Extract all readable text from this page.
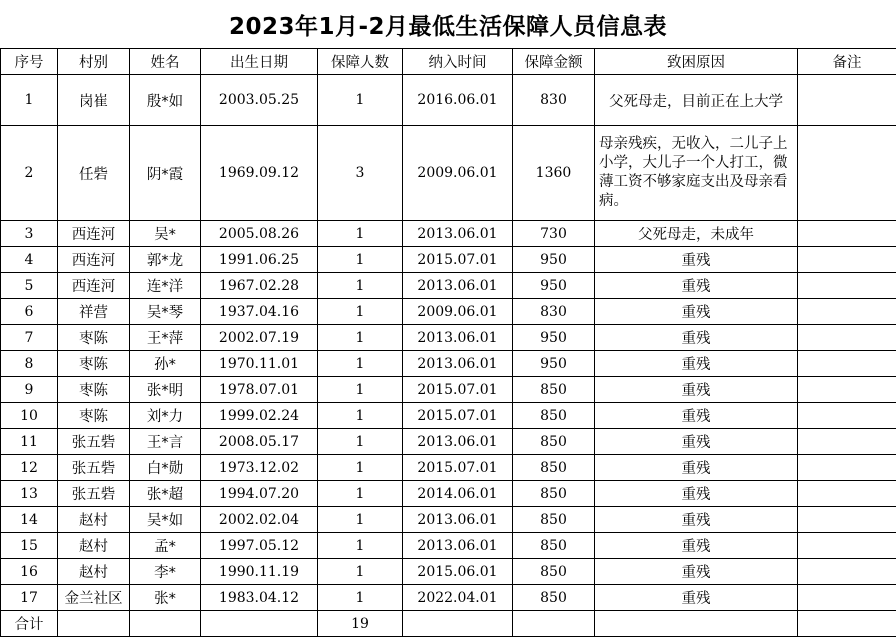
2023年1月-2月最低生活保障人员信息表
序号	村别	姓名	出生日期	保障人数	纳入时间	保障金额	致困原因	备注
1	岗崔	殷*如	2003.05.25	1	2016.06.01	830	父死母走，目前正在上大学	
2	任砦	阴*霞	1969.09.12	3	2009.06.01	1360	母亲残疾，无收入，二儿子上小学，大儿子一个人打工，微薄工资不够家庭支出及母亲看病。	
3	西连河	吴*	2005.08.26	1	2013.06.01	730	父死母走，未成年	
4	西连河	郭*龙	1991.06.25	1	2015.07.01	950	重残	
5	西连河	连*洋	1967.02.28	1	2013.06.01	950	重残	
6	祥营	吴*琴	1937.04.16	1	2009.06.01	830	重残	
7	枣陈	王*萍	2002.07.19	1	2013.06.01	950	重残	
8	枣陈	孙*	1970.11.01	1	2013.06.01	950	重残	
9	枣陈	张*明	1978.07.01	1	2015.07.01	850	重残	
10	枣陈	刘*力	1999.02.24	1	2015.07.01	850	重残	
11	张五砦	王*言	2008.05.17	1	2013.06.01	850	重残	
12	张五砦	白*勋	1973.12.02	1	2015.07.01	850	重残	
13	张五砦	张*超	1994.07.20	1	2014.06.01	850	重残	
14	赵村	吴*如	2002.02.04	1	2013.06.01	850	重残	
15	赵村	孟*	1997.05.12	1	2013.06.01	850	重残	
16	赵村	李*	1990.11.19	1	2015.06.01	850	重残	
17	金兰社区	张*	1983.04.12	1	2022.04.01	850	重残	
合计				19				
